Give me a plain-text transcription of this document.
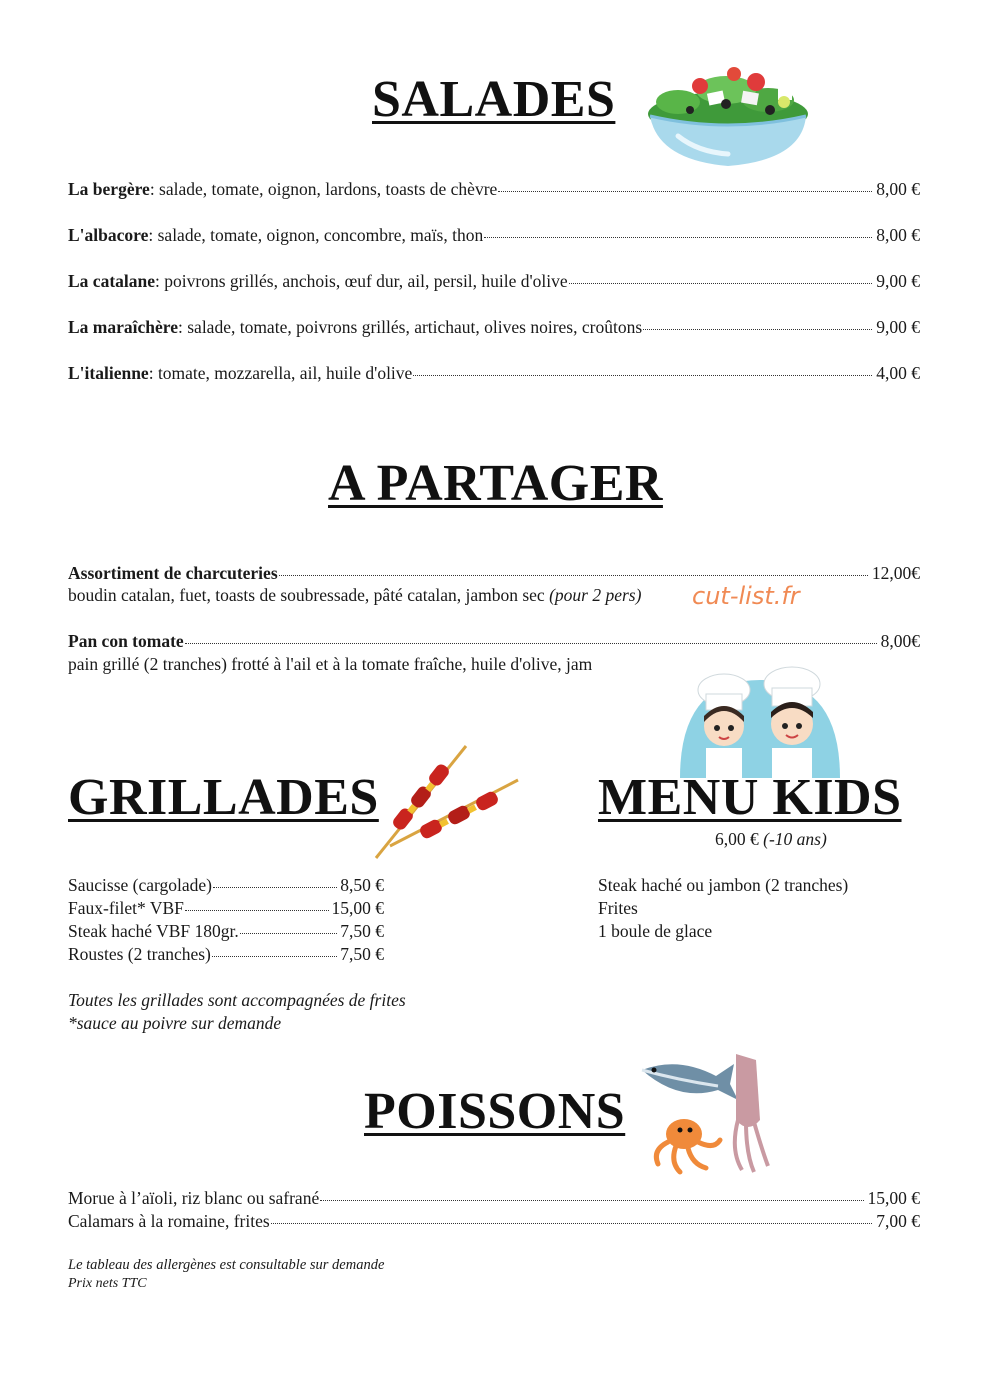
SALADES
La bergère : salade, tomate, oignon, lardons, toasts de chèvre	8,00 €
L'albacore : salade, tomate, oignon, concombre, maïs, thon	8,00 €
La catalane : poivrons grillés, anchois, œuf dur, ail, persil, huile d'olive	9,00 €
La maraîchère : salade, tomate, poivrons grillés, artichaut, olives noires, croûtons	9,00 €
L'italienne : tomate, mozzarella, ail, huile d'olive	4,00 €
A PARTAGER
Assortiment de charcuteries	12,00€
boudin catalan, fuet, toasts de soubressade, pâté catalan, jambon sec (pour 2 pers) cut-list.fr
Pan con tomate	8,00€
pain grillé (2 tranches) frotté à l'ail et à la tomate fraîche, huile d'olive, jam
GRILLADES
Saucisse (cargolade)	8,50 €
Faux-filet* VBF	15,00 €
Steak haché VBF 180gr.	7,50 €
Roustes (2 tranches)	7,50 €
Toutes les grillades sont accompagnées de frites
*sauce au poivre sur demande
MENU KIDS
6,00 € (-10 ans)
Steak haché ou jambon (2 tranches)
Frites
1 boule de glace
POISSONS
Morue à l’aïoli, riz blanc ou safrané	15,00 €
Calamars à la romaine, frites	7,00 €
Le tableau des allergènes est consultable sur demande
Prix nets TTC
